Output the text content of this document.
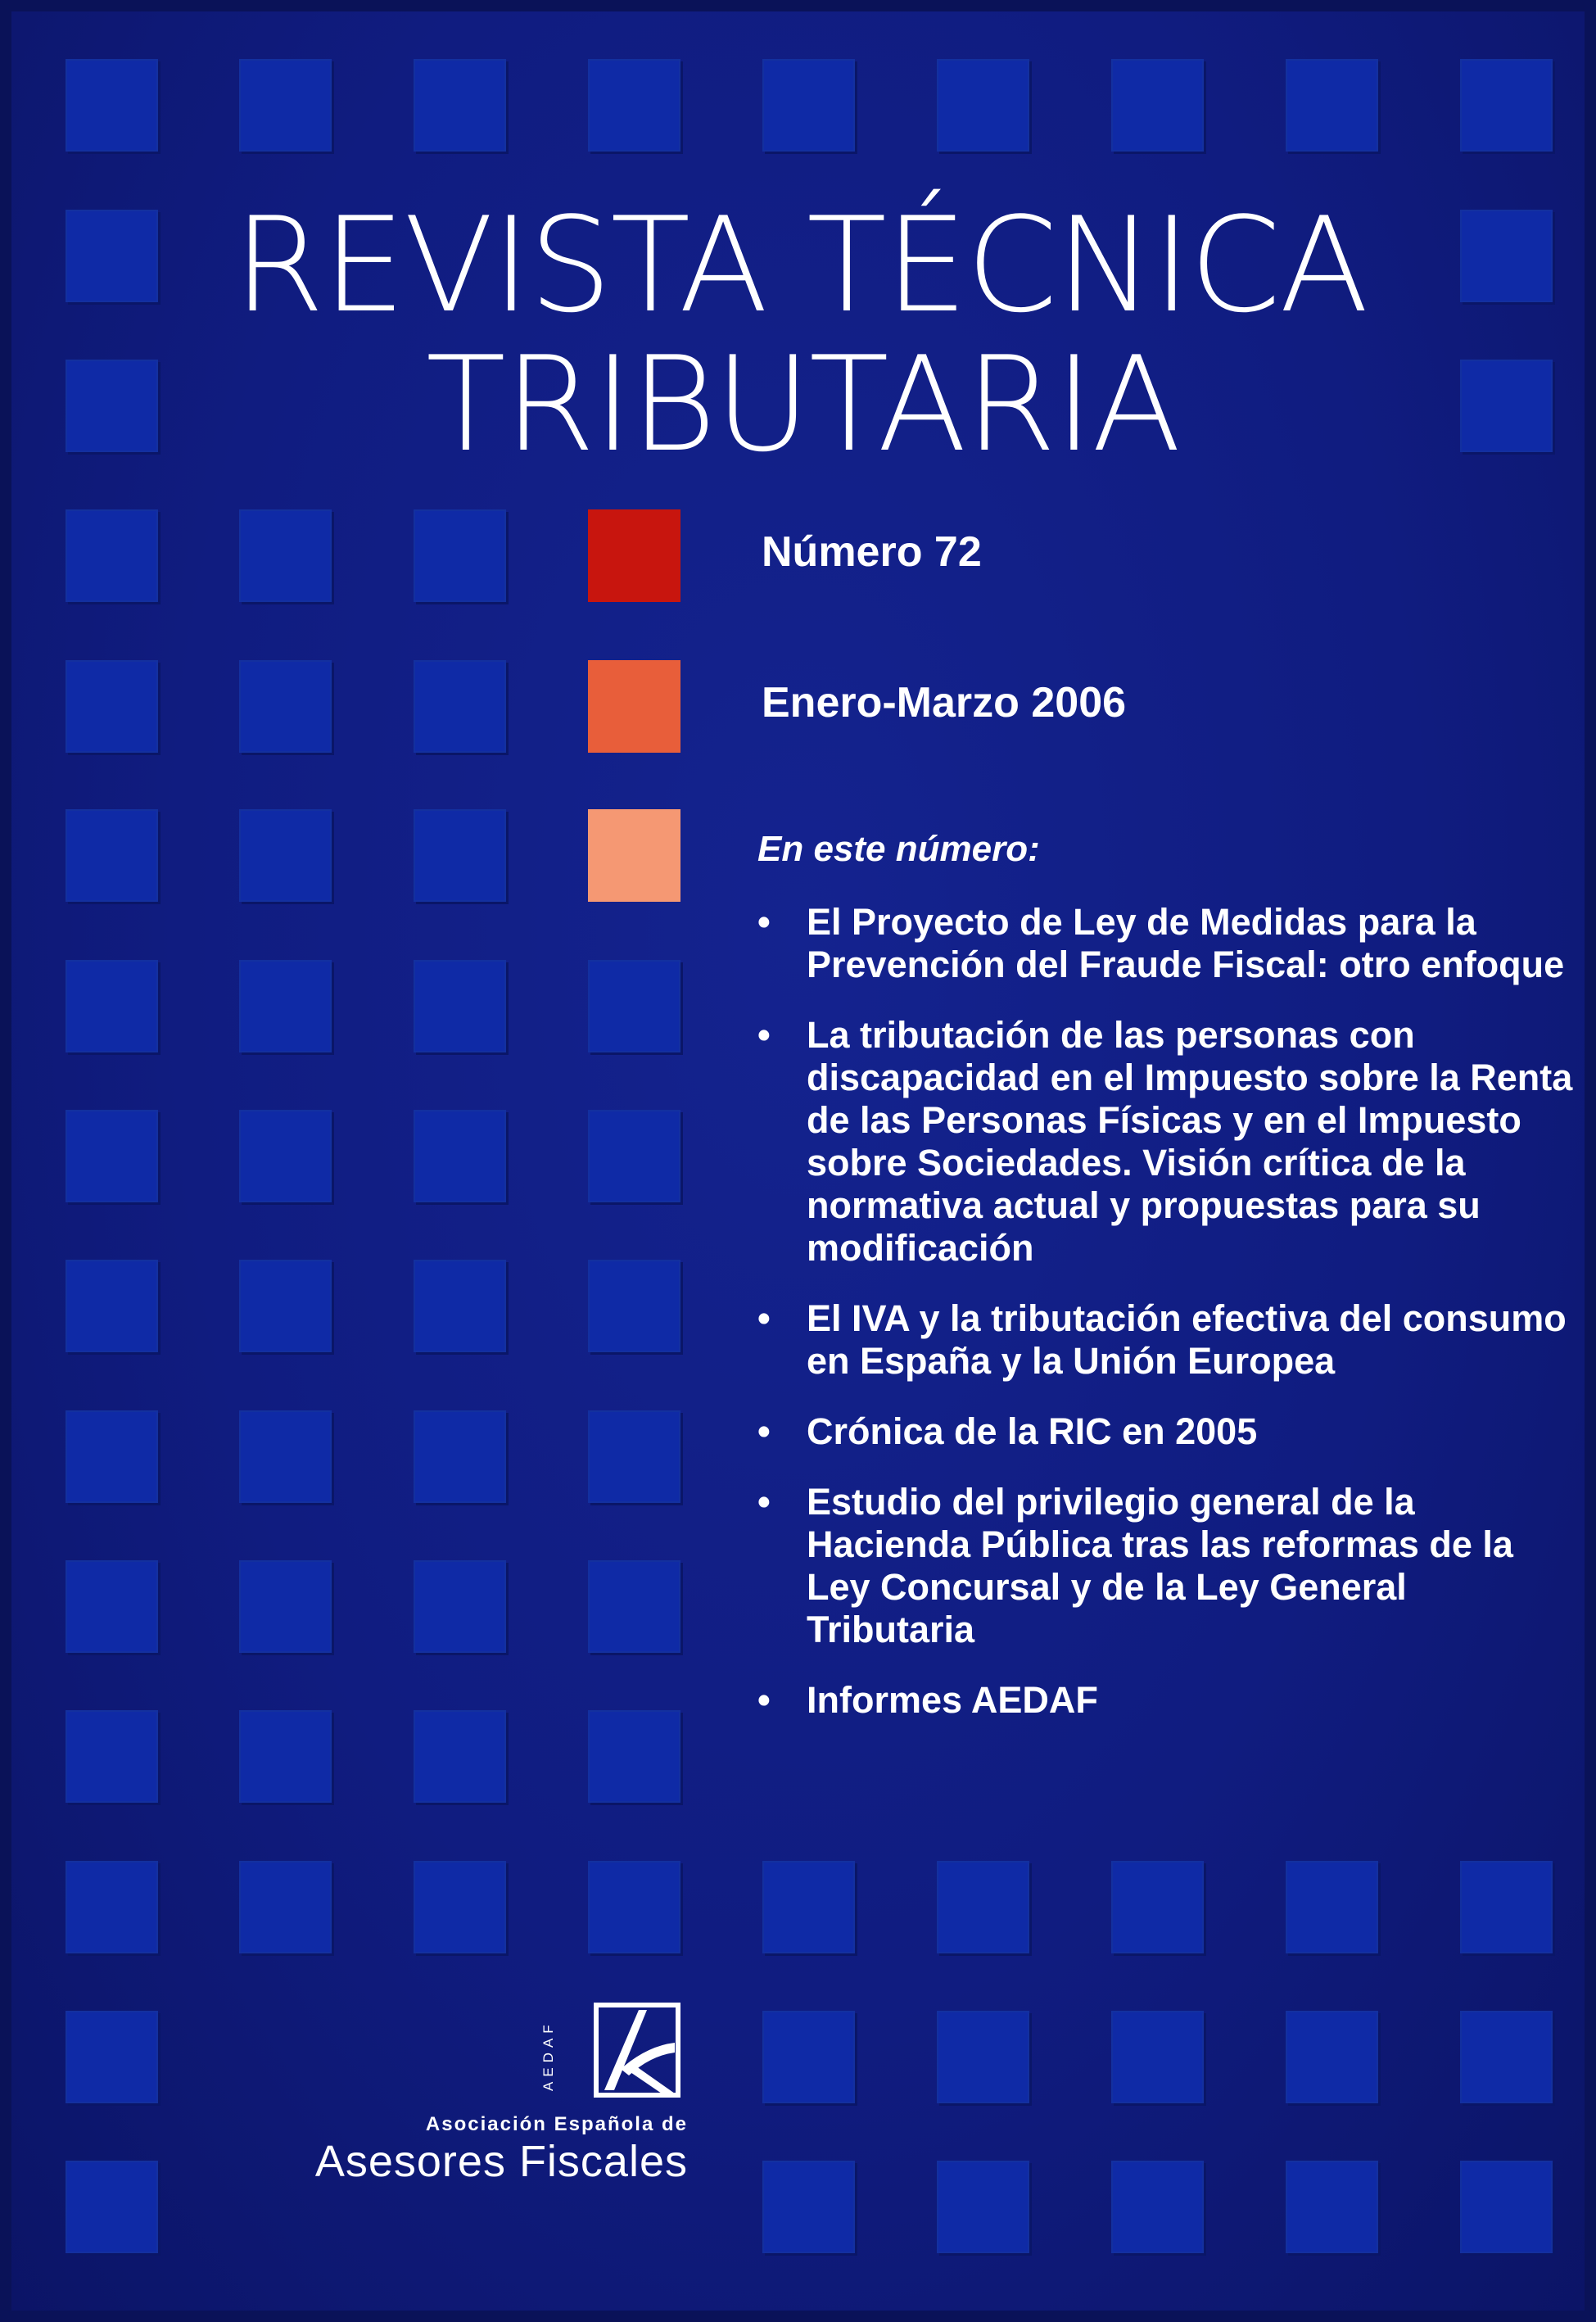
REVISTA TÉCNICA
TRIBUTARIA
Número 72
Enero-Marzo 2006
En este número:
• El Proyecto de Ley de Medidas para la Prevención del Fraude Fiscal: otro enfoque
• La tributación de las personas con discapacidad en el Impuesto sobre la Renta de las Personas Físicas y en el Impuesto sobre Sociedades. Visión crítica de la normativa actual y propuestas para su modificación
• El IVA y la tributación efectiva del consumo en España y la Unión Europea
• Crónica de la RIC en 2005
• Estudio del privilegio general de la Hacienda Pública tras las reformas de la Ley Concursal y de la Ley General Tributaria
• Informes AEDAF
AEDAF
Asociación Española de
Asesores Fiscales
